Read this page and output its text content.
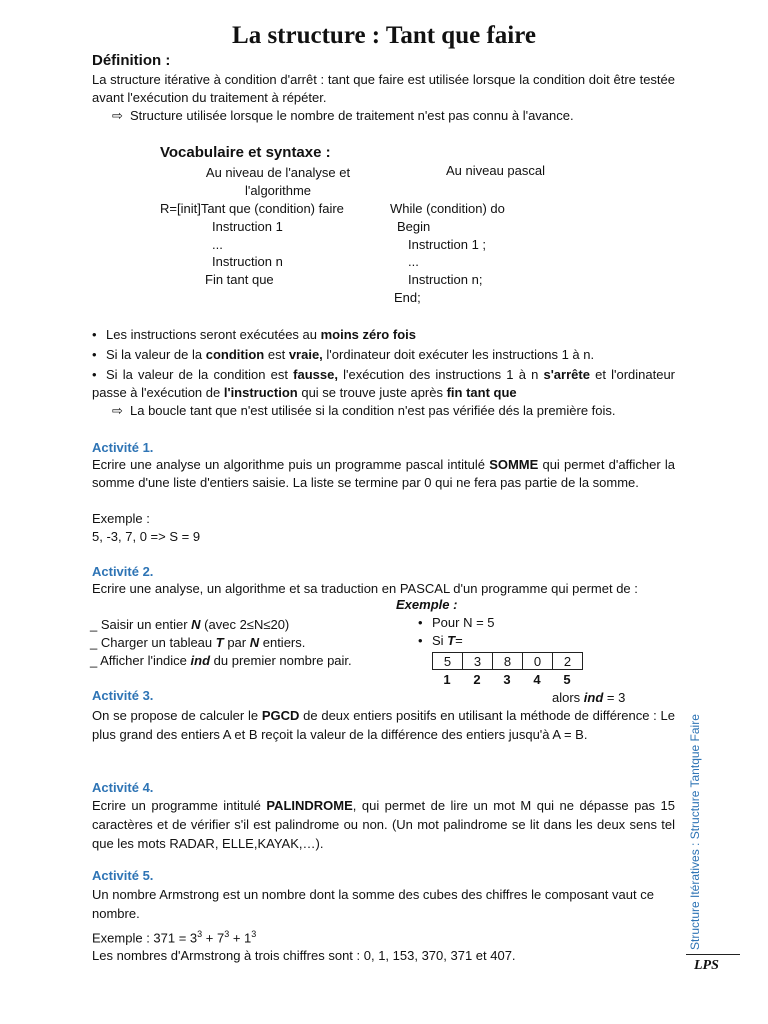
La structure : Tant que faire
Définition :
La structure itérative à condition d'arrêt : tant que faire est utilisée lorsque la condition doit être testée avant l'exécution du traitement à répéter.
⇨ Structure utilisée lorsque le nombre de traitement n'est pas connu à l'avance.
Vocabulaire et syntaxe :
Au niveau de l'analyse et
l'algorithme
Au niveau pascal
R=[init]Tant que (condition) faire
Instruction 1
...
Instruction n
Fin tant que
While (condition) do
Begin
Instruction 1 ;
...
Instruction n;
End;
• Les instructions seront exécutées au moins zéro fois
• Si la valeur de la condition est vraie, l'ordinateur doit exécuter les instructions 1 à n.
• Si la valeur de la condition est fausse, l'exécution des instructions 1 à n s'arrête et l'ordinateur passe à l'exécution de l'instruction qui se trouve juste après fin tant que
⇨ La boucle tant que n'est utilisée si la condition n'est pas vérifiée dés la première fois.
Activité 1.
Ecrire une analyse un algorithme puis un programme pascal intitulé SOMME qui permet d'afficher la somme d'une liste d'entiers saisie. La liste se termine par 0 qui ne fera pas partie de la somme.
Exemple :
5, -3, 7, 0 => S = 9
Activité 2.
Ecrire une analyse, un algorithme et sa traduction en PASCAL d'un programme qui permet de :
_ Saisir un entier N (avec 2≤N≤20)
_ Charger un tableau T par N entiers.
_ Afficher l'indice ind du premier nombre pair.
Exemple :
• Pour N = 5
• Si T=
5	3	8	0	2
1 2 3 4 5
alors ind = 3
Activité 3.
On se propose de calculer le PGCD de deux entiers positifs en utilisant la méthode de différence : Le plus grand des entiers A et B reçoit la valeur de la différence des entiers jusqu'à A = B.
Activité 4.
Ecrire un programme intitulé PALINDROME, qui permet de lire un mot M qui ne dépasse pas 15 caractères et de vérifier s'il est palindrome ou non. (Un mot palindrome se lit dans les deux sens tel que les mots RADAR, ELLE,KAYAK,…).
Activité 5.
Un nombre Armstrong est un nombre dont la somme des cubes des chiffres le composant vaut ce nombre.
Exemple : $371 = 3^3 + 7^3 + 1^3$
Les nombres d'Armstrong à trois chiffres sont : 0, 1, 153, 370, 371 et 407.
Structure Itératives : Structure Tantque Faire
LPS
